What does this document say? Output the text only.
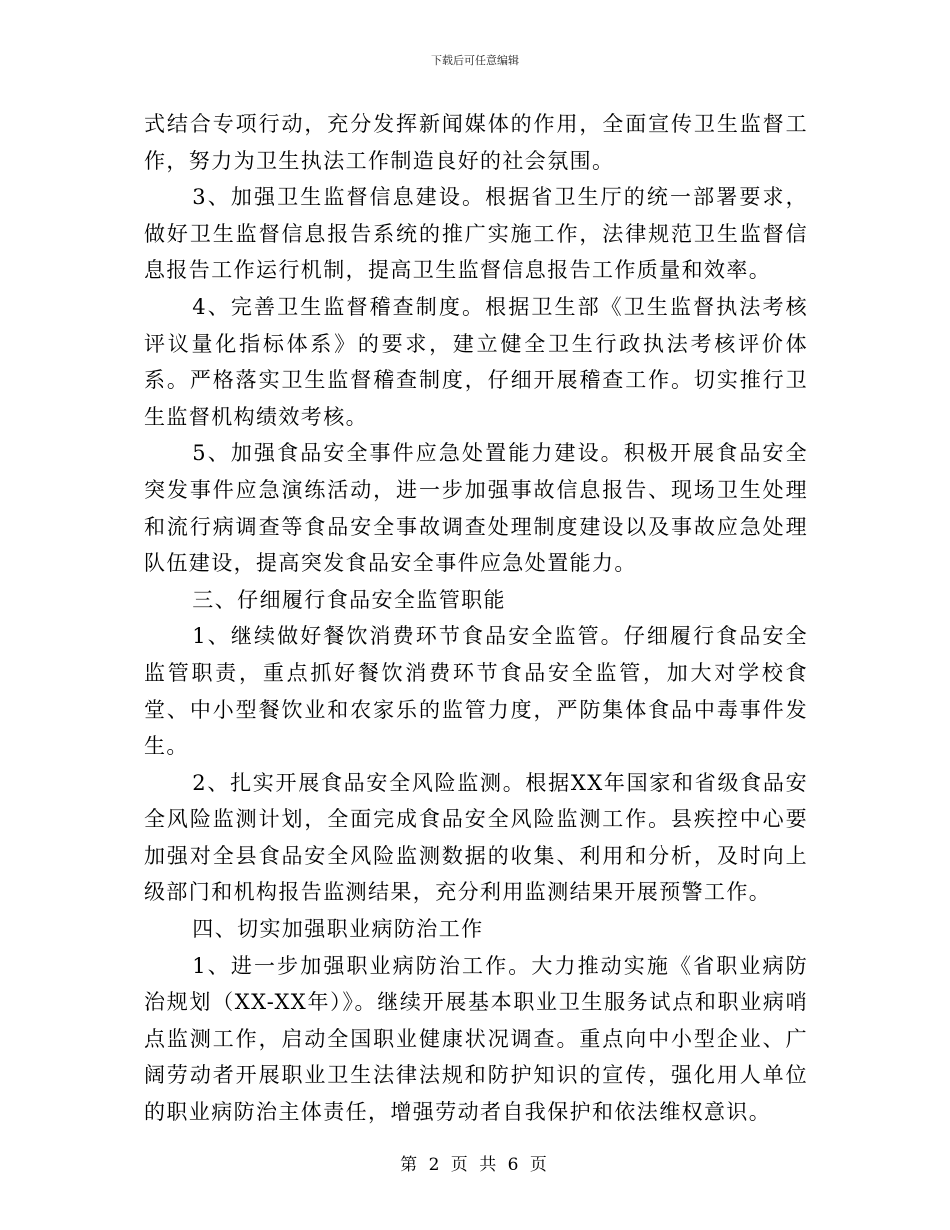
下载后可任意编辑

式结合专项行动，充分发挥新闻媒体的作用，全面宣传卫生监督工作，努力为卫生执法工作制造良好的社会氛围。

3、加强卫生监督信息建设。根据省卫生厅的统一部署要求，做好卫生监督信息报告系统的推广实施工作，法律规范卫生监督信息报告工作运行机制，提高卫生监督信息报告工作质量和效率。

4、完善卫生监督稽查制度。根据卫生部《卫生监督执法考核评议量化指标体系》的要求，建立健全卫生行政执法考核评价体系。严格落实卫生监督稽查制度，仔细开展稽查工作。切实推行卫生监督机构绩效考核。

5、加强食品安全事件应急处置能力建设。积极开展食品安全突发事件应急演练活动，进一步加强事故信息报告、现场卫生处理和流行病调查等食品安全事故调查处理制度建设以及事故应急处理队伍建设，提高突发食品安全事件应急处置能力。

三、仔细履行食品安全监管职能

1、继续做好餐饮消费环节食品安全监管。仔细履行食品安全监管职责，重点抓好餐饮消费环节食品安全监管，加大对学校食堂、中小型餐饮业和农家乐的监管力度，严防集体食品中毒事件发生。

2、扎实开展食品安全风险监测。根据XX年国家和省级食品安全风险监测计划，全面完成食品安全风险监测工作。县疾控中心要加强对全县食品安全风险监测数据的收集、利用和分析，及时向上级部门和机构报告监测结果，充分利用监测结果开展预警工作。

四、切实加强职业病防治工作

1、进一步加强职业病防治工作。大力推动实施《省职业病防治规划（XX-XX年）》。继续开展基本职业卫生服务试点和职业病哨点监测工作，启动全国职业健康状况调查。重点向中小型企业、广阔劳动者开展职业卫生法律法规和防护知识的宣传，强化用人单位的职业病防治主体责任，增强劳动者自我保护和依法维权意识。

第 2 页 共 6 页
